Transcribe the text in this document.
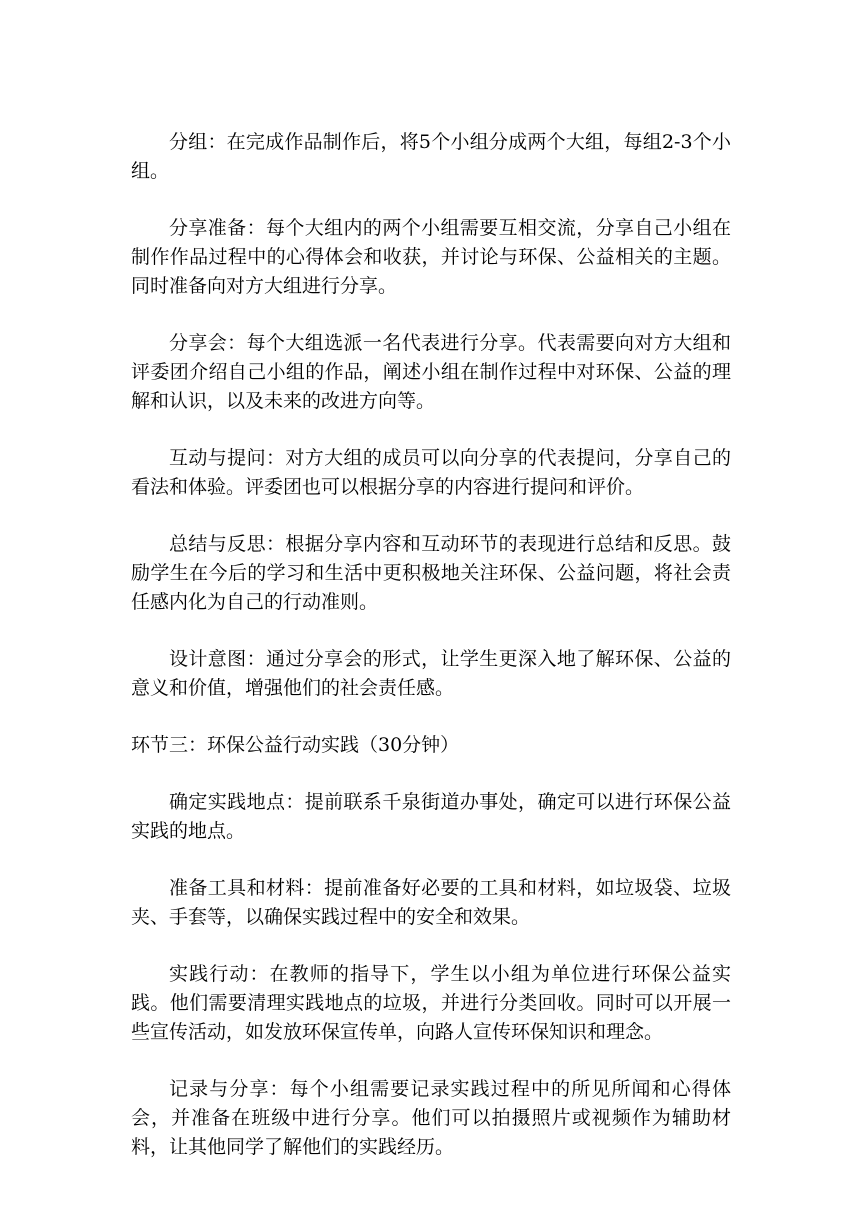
分组：在完成作品制作后，将5个小组分成两个大组，每组2-3个小组。

分享准备：每个大组内的两个小组需要互相交流，分享自己小组在制作作品过程中的心得体会和收获，并讨论与环保、公益相关的主题。同时准备向对方大组进行分享。

分享会：每个大组选派一名代表进行分享。代表需要向对方大组和评委团介绍自己小组的作品，阐述小组在制作过程中对环保、公益的理解和认识，以及未来的改进方向等。

互动与提问：对方大组的成员可以向分享的代表提问，分享自己的看法和体验。评委团也可以根据分享的内容进行提问和评价。

总结与反思：根据分享内容和互动环节的表现进行总结和反思。鼓励学生在今后的学习和生活中更积极地关注环保、公益问题，将社会责任感内化为自己的行动准则。

设计意图：通过分享会的形式，让学生更深入地了解环保、公益的意义和价值，增强他们的社会责任感。

环节三：环保公益行动实践（30分钟）

确定实践地点：提前联系千泉街道办事处，确定可以进行环保公益实践的地点。

准备工具和材料：提前准备好必要的工具和材料，如垃圾袋、垃圾夹、手套等，以确保实践过程中的安全和效果。

实践行动：在教师的指导下，学生以小组为单位进行环保公益实践。他们需要清理实践地点的垃圾，并进行分类回收。同时可以开展一些宣传活动，如发放环保宣传单，向路人宣传环保知识和理念。

记录与分享：每个小组需要记录实践过程中的所见所闻和心得体会，并准备在班级中进行分享。他们可以拍摄照片或视频作为辅助材料，让其他同学了解他们的实践经历。
